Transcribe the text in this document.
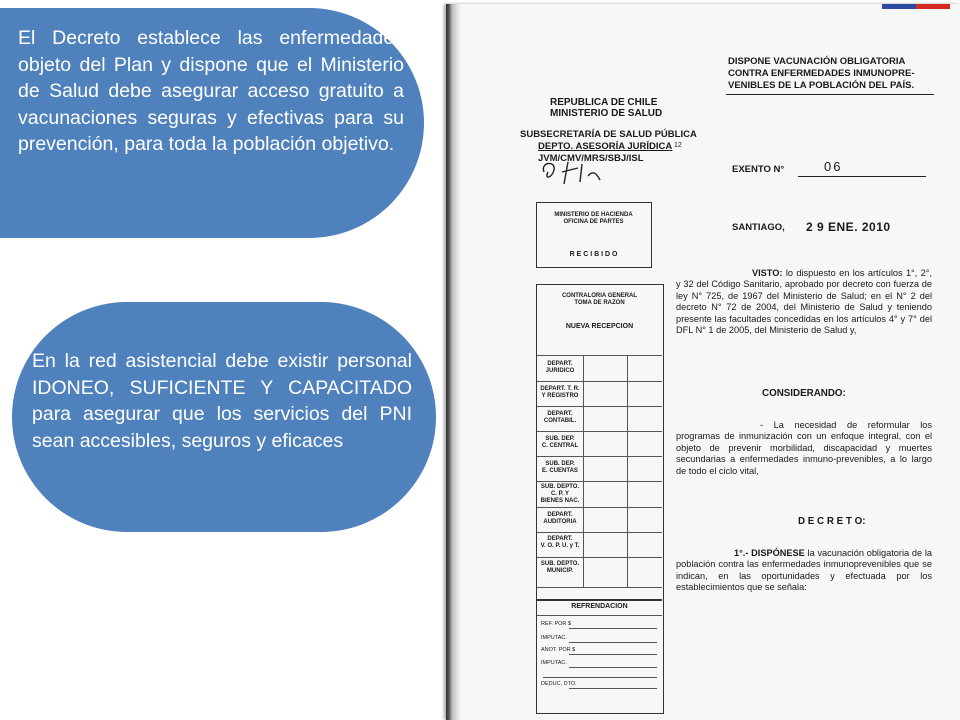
El Decreto establece las enfermedades objeto del Plan y dispone que el Ministerio de Salud debe asegurar acceso gratuito a vacunaciones seguras y efectivas para su prevención, para toda la población objetivo.
En la red asistencial debe existir personal IDONEO, SUFICIENTE Y CAPACITADO para asegurar que los servicios del PNI sean accesibles, seguros y eficaces
DISPONE VACUNACIÓN OBLIGATORIA
CONTRA ENFERMEDADES INMUNOPRE-
VENIBLES DE LA POBLACIÓN DEL PAÍS.
REPUBLICA DE CHILE
MINISTERIO DE SALUD
SUBSECRETARÍA DE SALUD PÚBLICA
DEPTO. ASESORÍA JURÍDICA
JVM/CMV/MRS/SBJ/ISL
12
EXENTO N°	06
SANTIAGO, 2 9 ENE. 2010
MINISTERIO DE HACIENDA
OFICINA DE PARTES
R E C I B I D O
CONTRALORIA GENERAL
TOMA DE RAZON
NUEVA RECEPCION
DEPART.
JURIDICO
DEPART. T. R.
Y REGISTRO
DEPART.
CONTABIL.
SUB. DEP.
C. CENTRAL
SUB. DEP.
E. CUENTAS
SUB. DEPTO.
C. P. Y
BIENES NAC.
DEPART.
AUDITORIA
DEPART.
V. O. P. U. y T.
SUB. DEPTO.
MUNICIP.
REFRENDACION
REF. POR $
IMPUTAC.
ANOT. POR $
IMPUTAC.
DEDUC. DTO.
VISTO: lo dispuesto en los artículos 1°, 2°, y 32 del Código Sanitario, aprobado por decreto con fuerza de ley N° 725, de 1967 del Ministerio de Salud; en el N° 2 del decreto N° 72 de 2004, del Ministerio de Salud y teniendo presente las facultades concedidas en los artículos 4° y 7° del DFL N° 1 de 2005, del Ministerio de Salud y,
CONSIDERANDO:
- La necesidad de reformular los programas de inmunización con un enfoque integral, con el objeto de prevenir morbilidad, discapacidad y muertes secundarias a enfermedades inmuno-prevenibles, a lo largo de todo el ciclo vital,
D E C R E T O:
1°.- DISPÓNESE la vacunación obligatoria de la población contra las enfermedades inmunoprevenibles que se indican, en las oportunidades y efectuada por los establecimientos que se señala:
